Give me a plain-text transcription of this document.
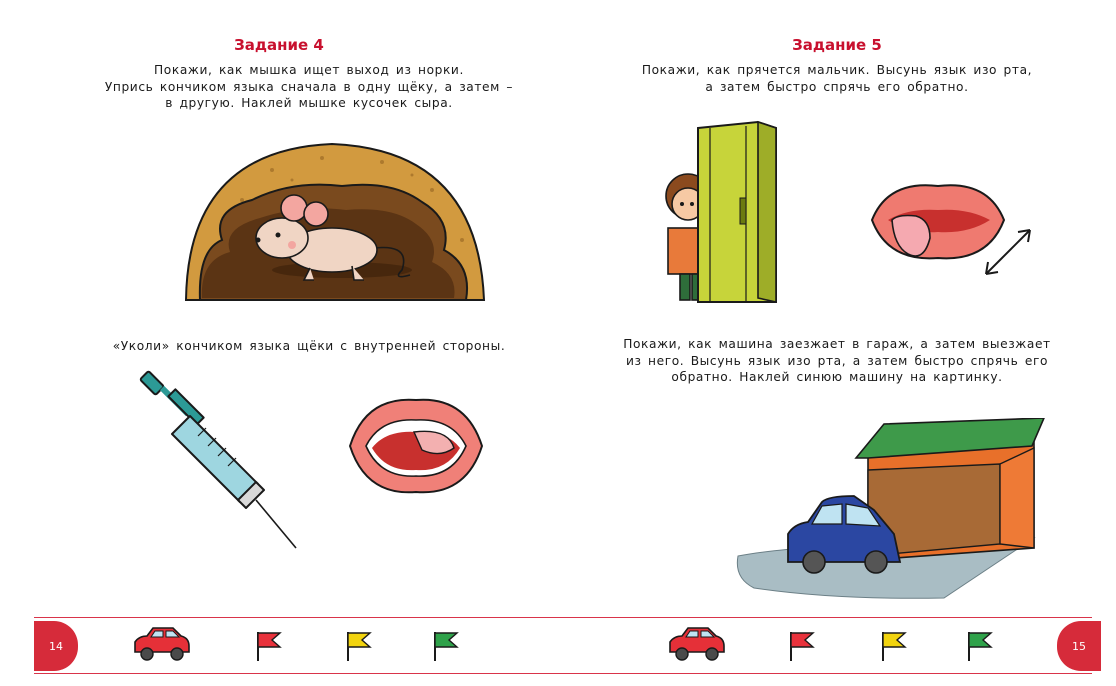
Задание 4

Покажи, как мышка ищет выход из норки.

Упрись кончиком языка сначала в одну щёку, а затем –

в другую. Наклей мышке кусочек сыра.

«Уколи» кончиком языка щёки с внутренней стороны.
14
Задание 5

Покажи, как прячется мальчик. Высунь язык изо рта,

а затем быстро спрячь его обратно.

Покажи, как машина заезжает в гараж, а затем выезжает

из него. Высунь язык изо рта, а затем быстро спрячь его

обратно. Наклей синюю машину на картинку.

15
